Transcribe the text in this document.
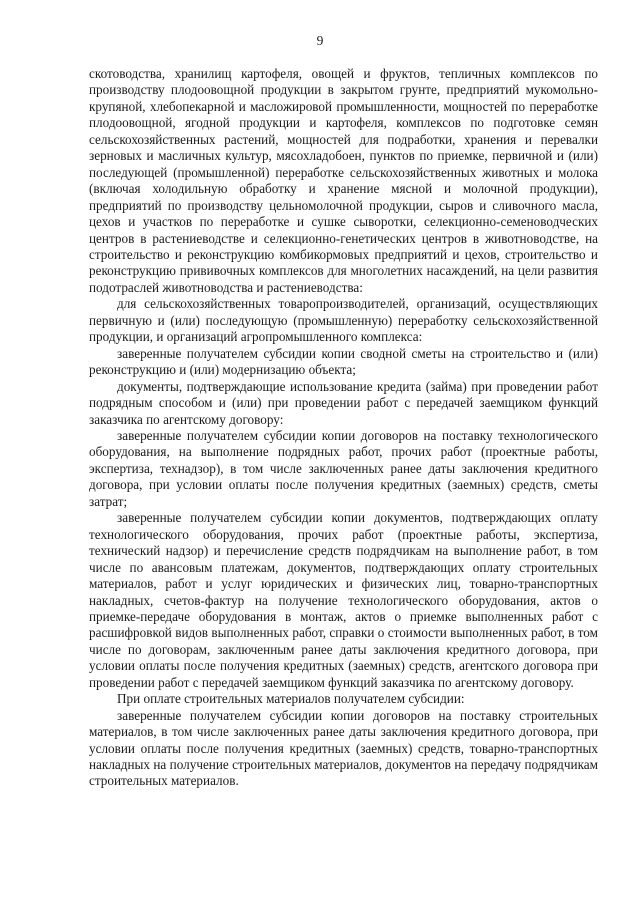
9

скотоводства, хранилищ картофеля, овощей и фруктов, тепличных комплексов по производству плодоовощной продукции в закрытом грунте, предприятий мукомольно-крупяной, хлебопекарной и масложировой промышленности, мощностей по переработке плодоовощной, ягодной продукции и картофеля, комплексов по подготовке семян сельскохозяйственных растений, мощностей для подработки, хранения и перевалки зерновых и масличных культур, мясохладобоен, пунктов по приемке, первичной и (или) последующей (промышленной) переработке сельскохозяйственных животных и молока (включая холодильную обработку и хранение мясной и молочной продукции), предприятий по производству цельномолочной продукции, сыров и сливочного масла, цехов и участков по переработке и сушке сыворотки, селекционно-семеноводческих центров в растениеводстве и селекционно-генетических центров в животноводстве, на строительство и реконструкцию комбикормовых предприятий и цехов, строительство и реконструкцию прививочных комплексов для многолетних насаждений, на цели развития подотраслей животноводства и растениеводства:

для сельскохозяйственных товаропроизводителей, организаций, осуществляющих первичную и (или) последующую (промышленную) переработку сельскохозяйственной продукции, и организаций агропромышленного комплекса:

заверенные получателем субсидии копии сводной сметы на строительство и (или) реконструкцию и (или) модернизацию объекта;

документы, подтверждающие использование кредита (займа) при проведении работ подрядным способом и (или) при проведении работ с передачей заемщиком функций заказчика по агентскому договору:

заверенные получателем субсидии копии договоров на поставку технологического оборудования, на выполнение подрядных работ, прочих работ (проектные работы, экспертиза, технадзор), в том числе заключенных ранее даты заключения кредитного договора, при условии оплаты после получения кредитных (заемных) средств, сметы затрат;

заверенные получателем субсидии копии документов, подтверждающих оплату технологического оборудования, прочих работ (проектные работы, экспертиза, технический надзор) и перечисление средств подрядчикам на выполнение работ, в том числе по авансовым платежам, документов, подтверждающих оплату строительных материалов, работ и услуг юридических и физических лиц, товарно-транспортных накладных, счетов-фактур на получение технологического оборудования, актов о приемке-передаче оборудования в монтаж, актов о приемке выполненных работ с расшифровкой видов выполненных работ, справки о стоимости выполненных работ, в том числе по договорам, заключенным ранее даты заключения кредитного договора, при условии оплаты после получения кредитных (заемных) средств, агентского договора при проведении работ с передачей заемщиком функций заказчика по агентскому договору.

При оплате строительных материалов получателем субсидии:

заверенные получателем субсидии копии договоров на поставку строительных материалов, в том числе заключенных ранее даты заключения кредитного договора, при условии оплаты после получения кредитных (заемных) средств, товарно-транспортных накладных на получение строительных материалов, документов на передачу подрядчикам строительных материалов.
